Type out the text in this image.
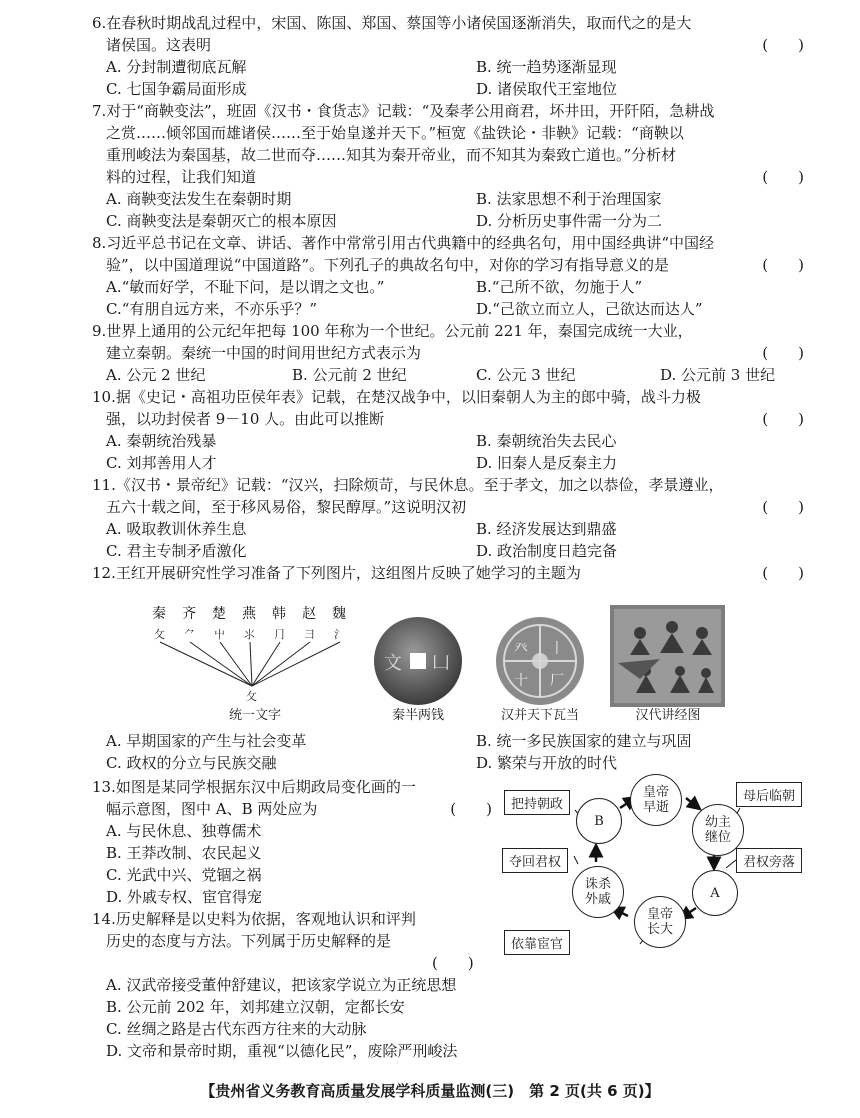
6.在春秋时期战乱过程中，宋国、陈国、郑国、蔡国等小诸侯国逐渐消失，取而代之的是大
诸侯国。这表明	(　　)
A. 分封制遭彻底瓦解	B. 统一趋势逐渐显现
C. 七国争霸局面形成	D. 诸侯取代王室地位
7.对于“商鞅变法”，班固《汉书・食货志》记载：“及秦孝公用商君，坏井田，开阡陌，急耕战
之赏……倾邻国而雄诸侯……至于始皇遂并天下。”桓宽《盐铁论・非鞅》记载：“商鞅以
重刑峻法为秦国基，故二世而夺……知其为秦开帝业，而不知其为秦致亡道也。”分析材
料的过程，让我们知道	(　　)
A. 商鞅变法发生在秦朝时期	B. 法家思想不利于治理国家
C. 商鞅变法是秦朝灭亡的根本原因	D. 分析历史事件需一分为二
8.习近平总书记在文章、讲话、著作中常常引用古代典籍中的经典名句，用中国经典讲“中国经
验”，以中国道理说“中国道路”。下列孔子的典故名句中，对你的学习有指导意义的是	(　　)
A.“敏而好学，不耻下问，是以谓之文也。”	B.“己所不欲，勿施于人”
C.“有朋自远方来，不亦乐乎？”	D.“己欲立而立人，己欲达而达人”
9.世界上通用的公元纪年把每 100 年称为一个世纪。公元前 221 年，秦国完成统一大业，
建立秦朝。秦统一中国的时间用世纪方式表示为	(　　)
A. 公元 2 世纪	B. 公元前 2 世纪	C. 公元 3 世纪	D. 公元前 3 世纪
10.据《史记・高祖功臣侯年表》记载，在楚汉战争中，以旧秦朝人为主的郎中骑，战斗力极
强，以功封侯者 9－10 人。由此可以推断	(　　)
A. 秦朝统治残暴	B. 秦朝统治失去民心
C. 刘邦善用人才	D. 旧秦人是反秦主力
11.《汉书・景帝纪》记载：“汉兴，扫除烦苛，与民休息。至于孝文，加之以恭俭，孝景遵业，
五六十载之间，至于移风易俗，黎民醇厚。”这说明汉初	(　　)
A. 吸取教训休养生息	B. 经济发展达到鼎盛
C. 君主专制矛盾激化	D. 政治制度日趋完备
12.王红开展研究性学习准备了下列图片，这组图片反映了她学习的主题为	(　　)
⺙ ⺈ ⼬ ⺢ ⺆ ⺕ ⺡
⺙
秦 齐 楚 燕 韩 赵 魏
统一文字
⽂ ⼐
秦半两钱
⽨ ⼁
⼗ ⼚
汉并天下瓦当	汉代讲经图
A. 早期国家的产生与社会变革	B. 统一多民族国家的建立与巩固
C. 政权的分立与民族交融	D. 繁荣与开放的时代
13.如图是某同学根据东汉中后期政局变化画的一
幅示意图，图中 A、B 两处应为	(　　)
A. 与民休息、独尊儒术
B. 王莽改制、农民起义
C. 光武中兴、党锢之祸
D. 外戚专权、宦官得宠
皇帝早逝
幼主继位
A
皇帝长大
诛杀外戚
B
母后临朝
君权旁落
依靠宦官
夺回君权
把持朝政
14.历史解释是以史料为依据，客观地认识和评判
历史的态度与方法。下列属于历史解释的是
(　　)
A. 汉武帝接受董仲舒建议，把该家学说立为正统思想
B. 公元前 202 年，刘邦建立汉朝，定都长安
C. 丝绸之路是古代东西方往来的大动脉
D. 文帝和景帝时期，重视“以德化民”，废除严刑峻法
【贵州省义务教育高质量发展学科质量监测(三)　第 2 页(共 6 页)】
